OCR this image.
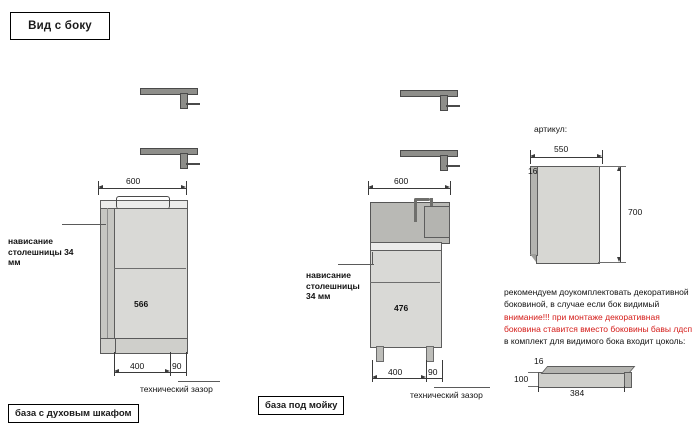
Вид с боку
600
566
нависание
столешницы 34 мм
400	90
технический зазор
база с духовым шкафом
600
476
нависание
столешницы
34 мм
400	90
технический зазор
база под мойку
артикул:
550
16
700
рекомендуем доукомплектовать декоративной
боковиной, в случае если бок видимый
внимание!!! при монтаже декоративная
боковина ставится вместо боковины бавы лдсп
в комплект для видимого бока входит цоколь:
16
100
384
